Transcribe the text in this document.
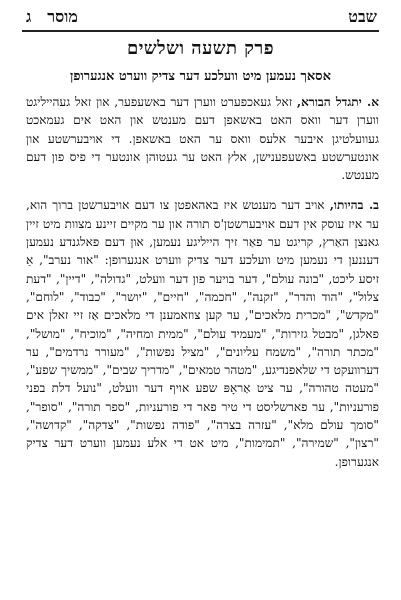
שבט
מוסר
ג
פרק תשעה ושלשים
אסאך נעמען מיט וועלכע דער צדיק ווערט אנגערופן

א. יתגדל הבורא, זאל געאכפערט ווערן דער באשעפער, און זאל געהייליגט ווערן דער וואס האט באשאפן דעם מענטש און האט אים געמאכט געוועלטיגן איבער אלעס וואס ער האט באשאפן. די אויבערשטע און אונטערשטע באשעפענישן, אלץ האט ער געטוהן אונטער די פיס פון דעם מענטש.

ב. בהיותו, אויב דער מענטש איז באהאפטן צו דעם אויבערשטן ברוך הוא, ער איז עוסק אין דעם אויבערשטן'ס תורה און ער מקיים זיינע מצוות מיט זיין גאנצן האַרץ, קריגט ער פאַר זיך הייליגע נעמען, און דעם פאלגנדע נעמען דעננען די נעמען מיט וועלכע דער צדיק ווערט אנגערופן: "אור נערב", אַ זיסע ליכט, "בונה עולם", דער בויער פון דער וועלט, "גדולה", "דיין", "דעת צלול", "הוד והדר", "זקנה", "חכמה", "חיים", "יושר", "כבוד", "לוחם", "מקדש", "מכרית מלאכים", ער קען צוזאמענן די מלאכים אַז זיי זאלן אים פאלגן, "מבטל גזירות", "מעמיד עולם", "ממית ומחיה", "מוכיח", "מושל", "מכתר תורה", "משמח עליונים", "מציל נפשות", "מעורר נרדמים", ער דערוועקט די שלאפנדיגע, "מטהר טמאים", "מדריך שבים", "ממשיך שפע", "מעטה טהורה", ער ציט אַראָפּ שפע אויף דער וועלט, "נועל דלת בפני פורעניות", ער פארשליסט די טיר פאר די פורעניות, "ספר תורה", "סופר", "סומך עולם מלא", "עזרה בצרה", "פודה נפשות", "צדקה", "קדושה", "רצון", "שמירה", "תמימות", מיט אט די אלע נעמען ווערט דער צדיק אנגערופן.
